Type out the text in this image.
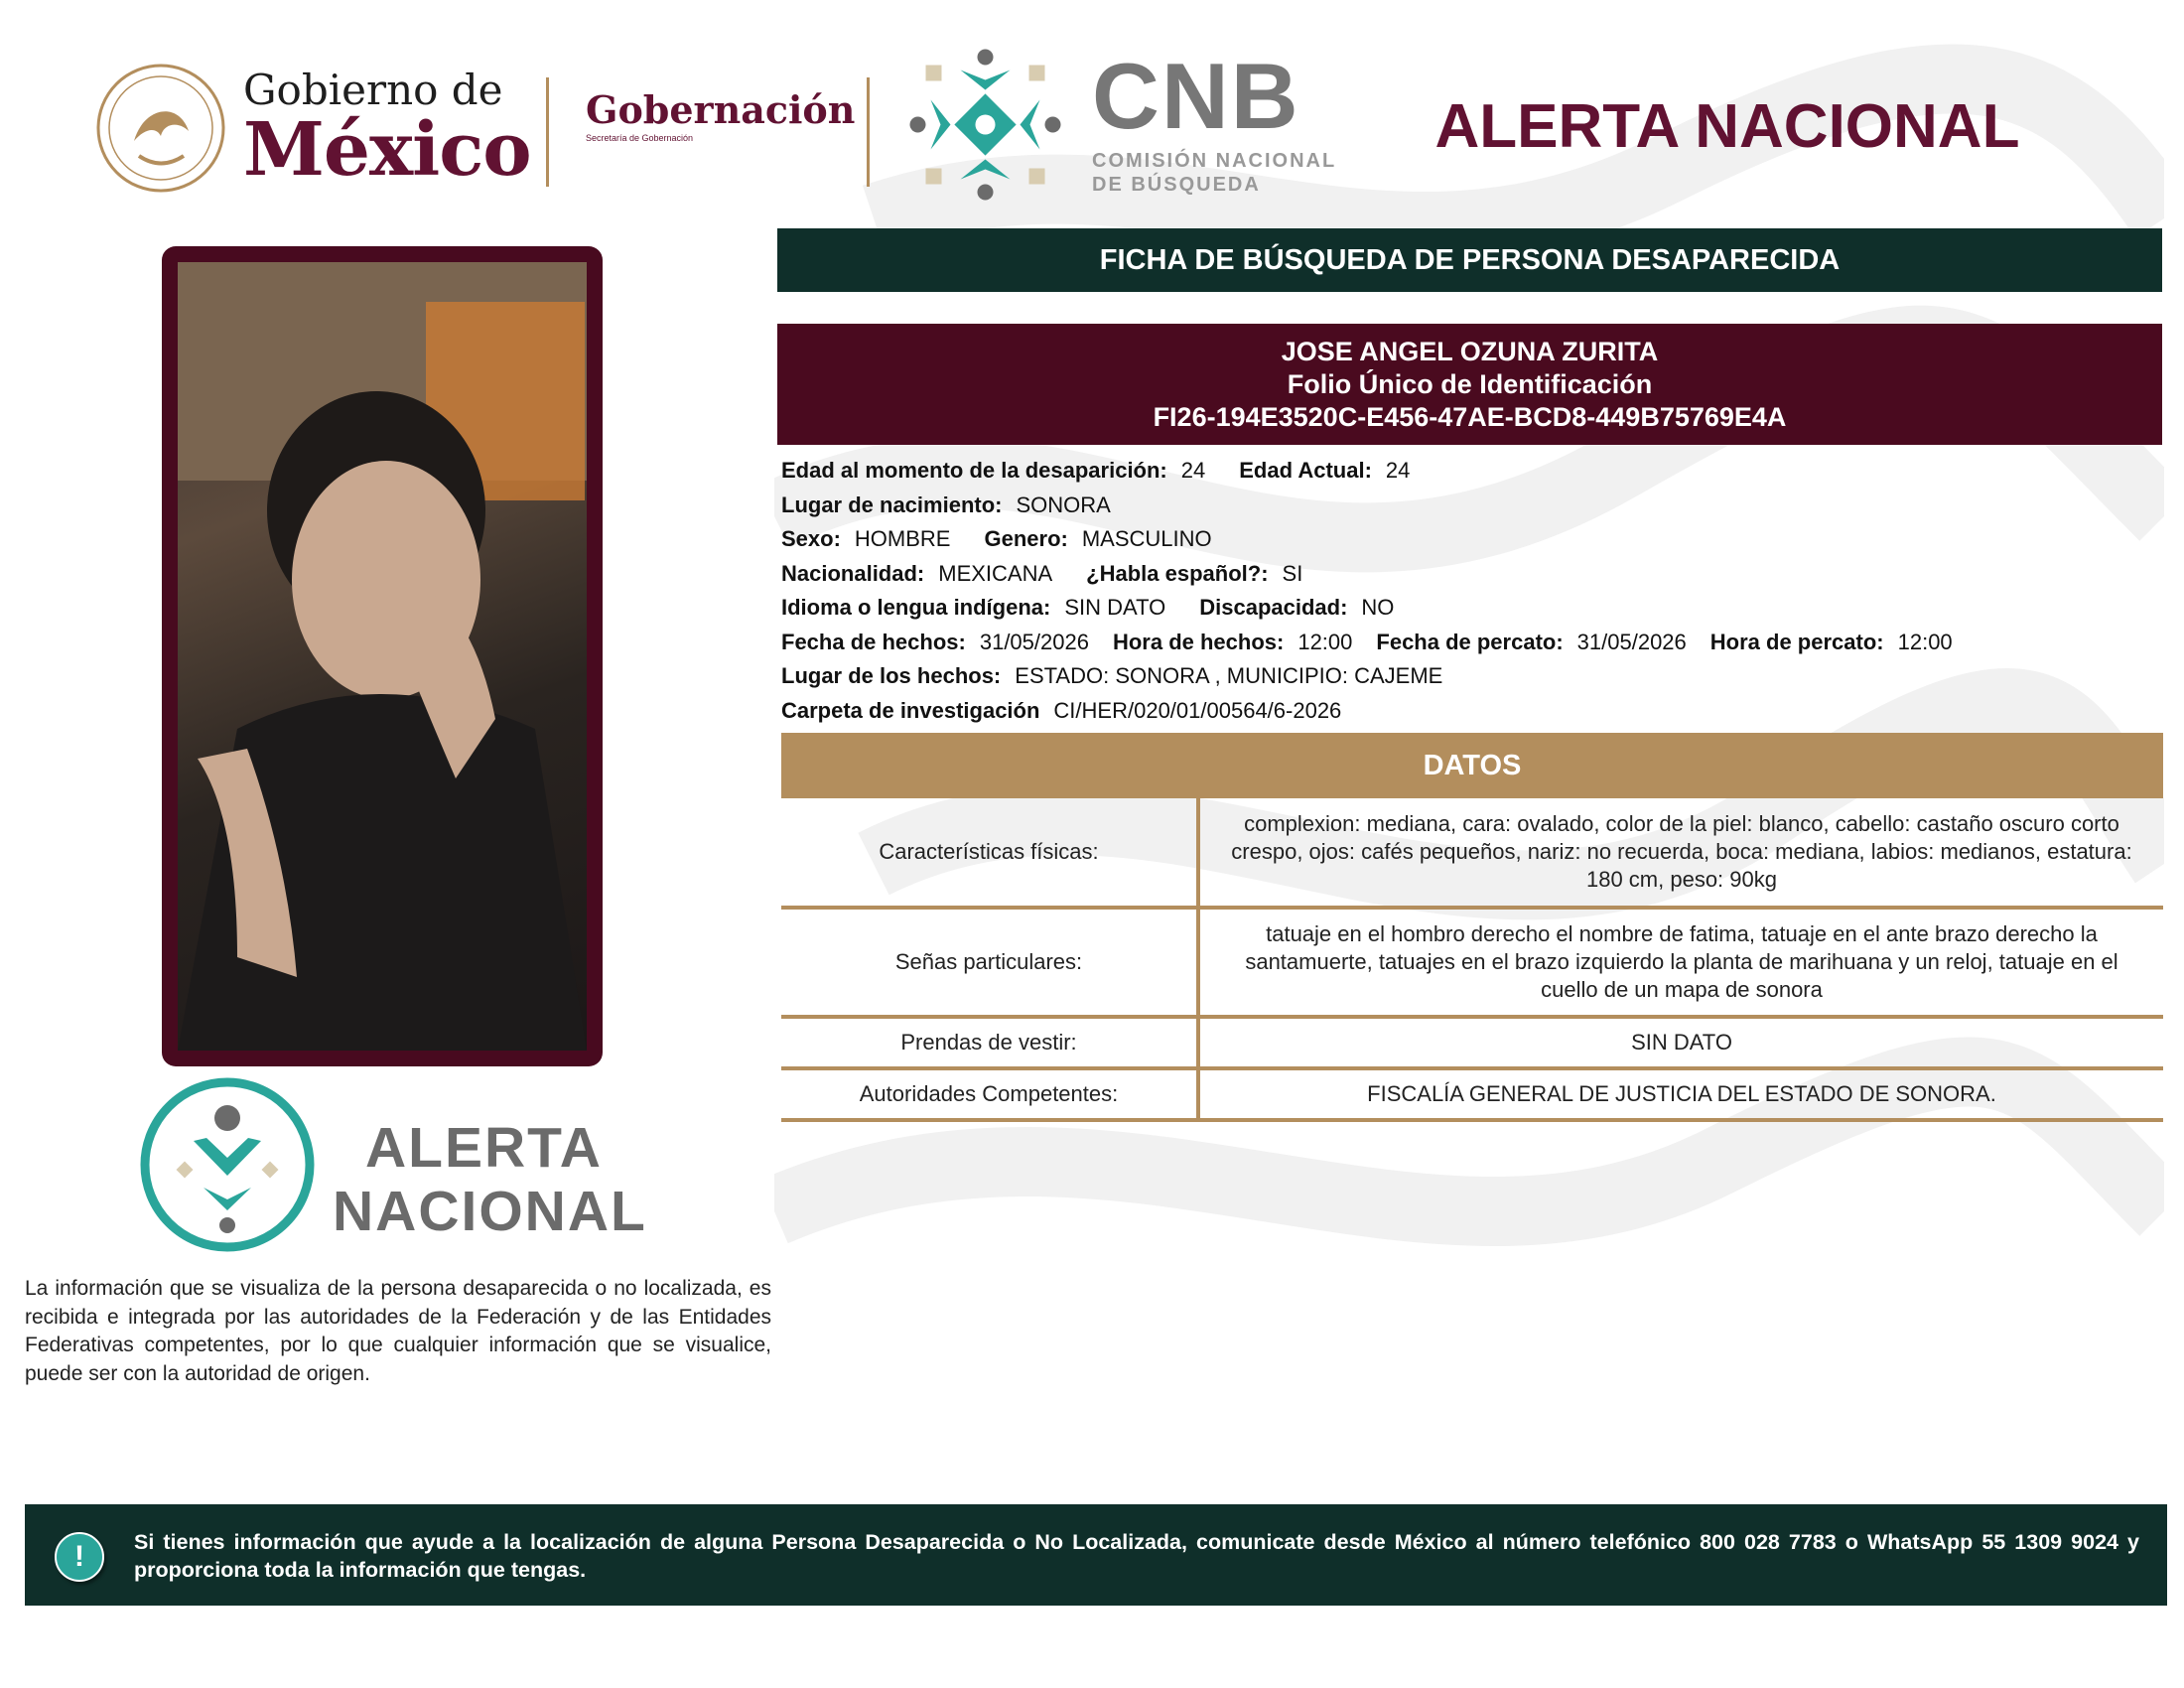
Gobierno de
México Gobernación
Secretaría de Gobernación	CNB
COMISIÓN NACIONAL
DE BÚSQUEDA
ALERTA NACIONAL
ALERTA
NACIONAL
La información que se visualiza de la persona desaparecida o no localizada, es recibida e integrada por las autoridades de la Federación y de las Entidades Federativas competentes, por lo que cualquier información que se visualice, puede ser con la autoridad de origen.
FICHA DE BÚSQUEDA DE PERSONA DESAPARECIDA
JOSE ANGEL OZUNA ZURITA
Folio Único de Identificación
FI26-194E3520C-E456-47AE-BCD8-449B75769E4A
Edad al momento de la desaparición: 24 Edad Actual: 24
Lugar de nacimiento: SONORA
Sexo: HOMBRE Genero: MASCULINO
Nacionalidad: MEXICANA ¿Habla español?: SI
Idioma o lengua indígena: SIN DATO Discapacidad: NO
Fecha de hechos: 31/05/2026 Hora de hechos: 12:00 Fecha de percato: 31/05/2026 Hora de percato: 12:00
Lugar de los hechos: ESTADO: SONORA , MUNICIPIO: CAJEME
Carpeta de investigación CI/HER/020/01/00564/6-2026
DATOS
Características físicas:	complexion: mediana, cara: ovalado, color de la piel: blanco, cabello: castaño oscuro corto crespo, ojos: cafés pequeños, nariz: no recuerda, boca: mediana, labios: medianos, estatura: 180 cm, peso: 90kg
Señas particulares:	tatuaje en el hombro derecho el nombre de fatima, tatuaje en el ante brazo derecho la santamuerte, tatuajes en el brazo izquierdo la planta de marihuana y un reloj, tatuaje en el cuello de un mapa de sonora
Prendas de vestir:	SIN DATO
Autoridades Competentes:	FISCALÍA GENERAL DE JUSTICIA DEL ESTADO DE SONORA.
!	Si tienes información que ayude a la localización de alguna Persona Desaparecida o No Localizada, comunicate desde México al número telefónico 800 028 7783 o WhatsApp 55 1309 9024 y proporciona toda la información que tengas.
